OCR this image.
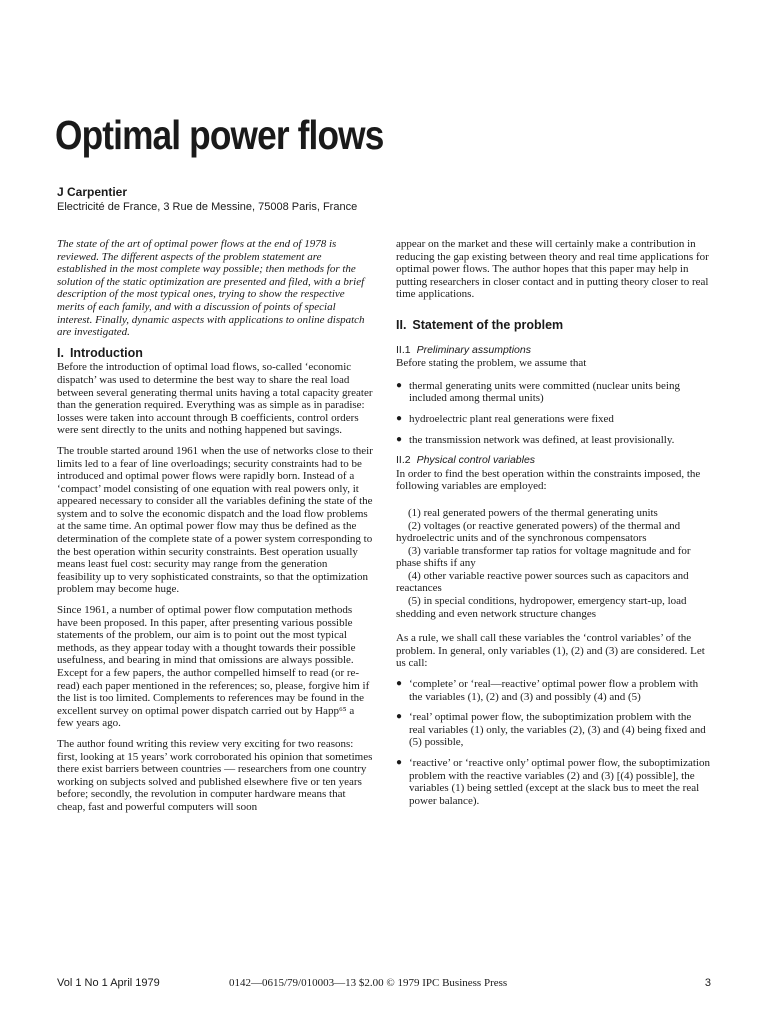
Optimal power flows
J Carpentier
Electricité de France, 3 Rue de Messine, 75008 Paris, France

The state of the art of optimal power flows at the end of 1978 is reviewed. The different aspects of the problem statement are established in the most complete way possible; then methods for the solution of the static optimization are presented and filed, with a brief description of the most typical ones, trying to show the respective merits of each family, and with a discussion of points of special interest. Finally, dynamic aspects with applications to online dispatch are investigated.

I. Introduction

Before the introduction of optimal load flows, so-called ‘economic dispatch’ was used to determine the best way to share the real load between several generating thermal units having a total capacity greater than the generation required. Everything was as simple as in paradise: losses were taken into account through B coefficients, control orders were sent directly to the units and nothing happened but savings.

The trouble started around 1961 when the use of networks close to their limits led to a fear of line overloadings; security constraints had to be introduced and optimal power flows were rapidly born. Instead of a ‘compact’ model consisting of one equation with real powers only, it appeared necessary to consider all the variables defining the state of the system and to solve the economic dispatch and the load flow problems at the same time. An optimal power flow may thus be defined as the determination of the complete state of a power system corresponding to the best operation within security constraints. Best operation usually means least fuel cost: security may range from the generation feasibility up to very sophisticated constraints, so that the optimization problem may become huge.

Since 1961, a number of optimal power flow computation methods have been proposed. In this paper, after presenting various possible statements of the problem, our aim is to point out the most typical methods, as they appear today with a thought towards their possible usefulness, and bearing in mind that omissions are always possible. Except for a few papers, the author compelled himself to read (or re-read) each paper mentioned in the references; so, please, forgive him if the list is too limited. Complements to references may be found in the excellent survey on optimal power dispatch carried out by Happ⁶⁵ a few years ago.

The author found writing this review very exciting for two reasons: first, looking at 15 years’ work corroborated his opinion that sometimes there exist barriers between countries — researchers from one country working on subjects solved and published elsewhere five or ten years before; secondly, the revolution in computer hardware means that cheap, fast and powerful computers will soon

appear on the market and these will certainly make a contribution in reducing the gap existing between theory and real time applications for optimal power flows. The author hopes that this paper may help in putting researchers in closer contact and in putting theory closer to real time applications.

II. Statement of the problem
II.1 Preliminary assumptions

Before stating the problem, we assume that

● thermal generating units were committed (nuclear units being included among thermal units)
● hydroelectric plant real generations were fixed
● the transmission network was defined, at least provisionally.
II.2 Physical control variables

In order to find the best operation within the constraints imposed, the following variables are employed:

(1) real generated powers of the thermal generating units
(2) voltages (or reactive generated powers) of the thermal and hydroelectric units and of the synchronous compensators
(3) variable transformer tap ratios for voltage magnitude and for phase shifts if any
(4) other variable reactive power sources such as capacitors and reactances
(5) in special conditions, hydropower, emergency start-up, load shedding and even network structure changes

As a rule, we shall call these variables the ‘control variables’ of the problem. In general, only variables (1), (2) and (3) are considered. Let us call:

● ‘complete’ or ‘real—reactive’ optimal power flow a problem with the variables (1), (2) and (3) and possibly (4) and (5)
● ‘real’ optimal power flow, the suboptimization problem with the real variables (1) only, the variables (2), (3) and (4) being fixed and (5) possible,
● ‘reactive’ or ‘reactive only’ optimal power flow, the suboptimization problem with the reactive variables (2) and (3) [(4) possible], the variables (1) being settled (except at the slack bus to meet the real power balance).
Vol 1 No 1 April 1979	0142—0615/79/010003—13 $2.00 © 1979 IPC Business Press	3
